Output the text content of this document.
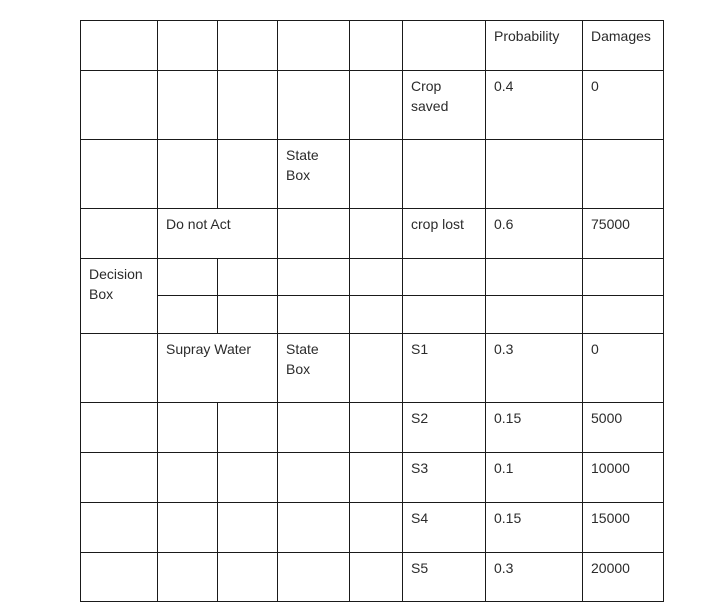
						Probability	Damages
					Crop saved	0.4	0
			State Box				
	Do not Act				crop lost	0.6	75000
Decision Box							

	Supray Water		State Box		S1	0.3	0
					S2	0.15	5000
					S3	0.1	10000
					S4	0.15	15000
					S5	0.3	20000
